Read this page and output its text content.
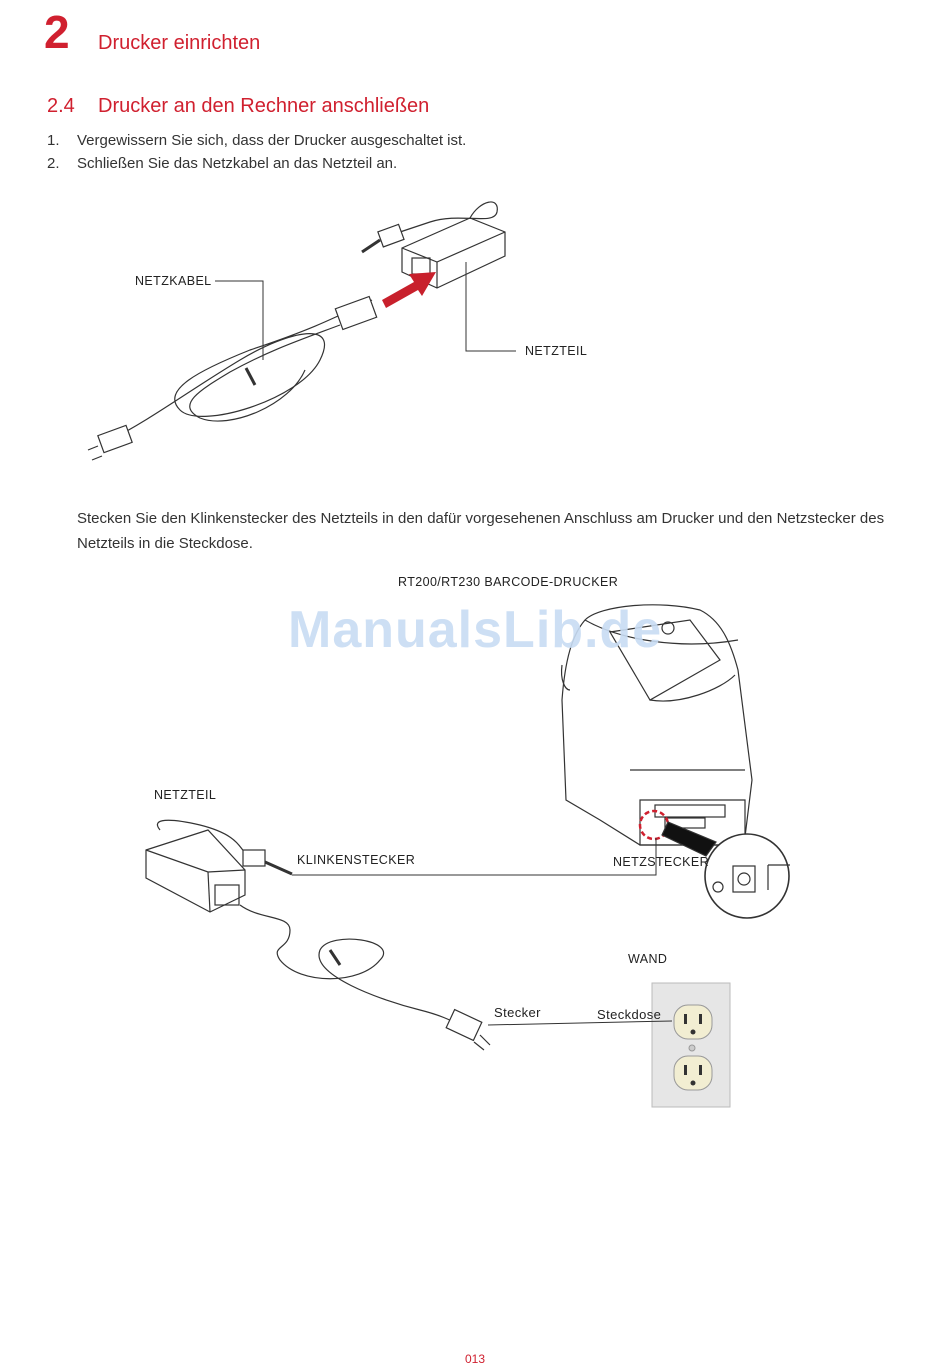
2 Drucker einrichten
2.4 Drucker an den Rechner anschließen
1. Vergewissern Sie sich, dass der Drucker ausgeschaltet ist.
2. Schließen Sie das Netzkabel an das Netzteil an.
NETZKABEL
NETZTEIL
Stecken Sie den Klinkenstecker des Netzteils in den dafür vorgesehenen Anschluss am Drucker und den Netzstecker des Netzteils in die Steckdose.
RT200/RT230 BARCODE-DRUCKER
NETZTEIL
KLINKENSTECKER	NETZSTECKER
WAND
Stecker	Steckdose
ManualsLib.de
013
